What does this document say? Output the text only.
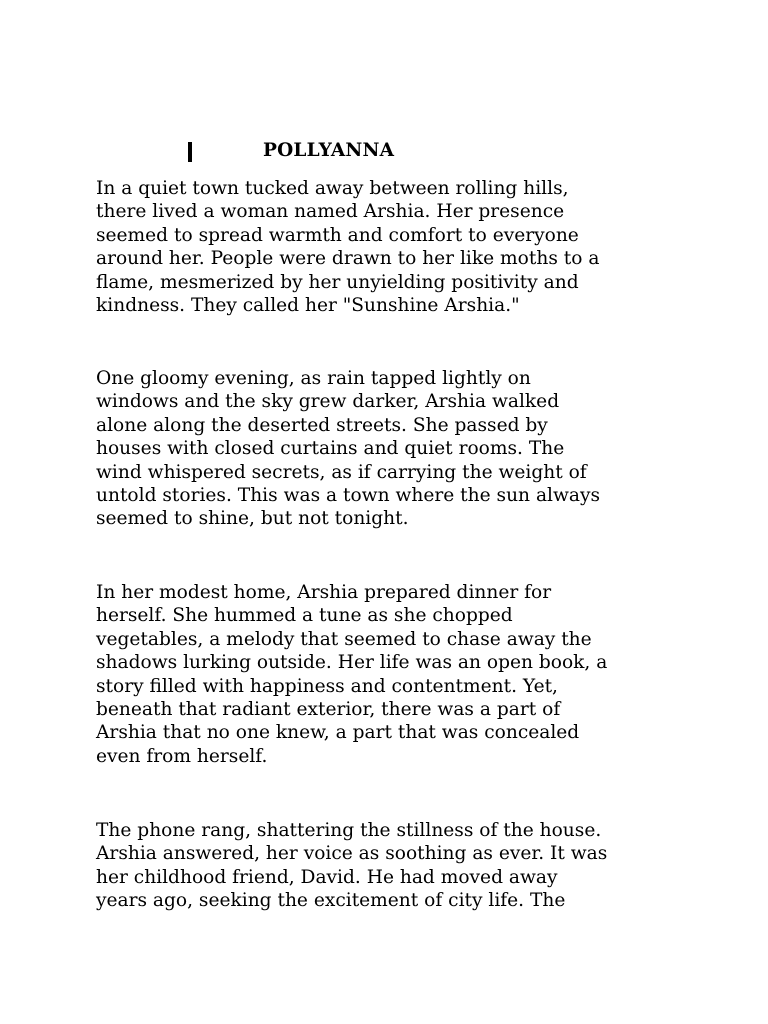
POLLYANNA

In a quiet town tucked away between rolling hills,
there lived a woman named Arshia. Her presence
seemed to spread warmth and comfort to everyone
around her. People were drawn to her like moths to a
flame, mesmerized by her unyielding positivity and
kindness. They called her "Sunshine Arshia."

One gloomy evening, as rain tapped lightly on
windows and the sky grew darker, Arshia walked
alone along the deserted streets. She passed by
houses with closed curtains and quiet rooms. The
wind whispered secrets, as if carrying the weight of
untold stories. This was a town where the sun always
seemed to shine, but not tonight.

In her modest home, Arshia prepared dinner for
herself. She hummed a tune as she chopped
vegetables, a melody that seemed to chase away the
shadows lurking outside. Her life was an open book, a
story filled with happiness and contentment. Yet,
beneath that radiant exterior, there was a part of
Arshia that no one knew, a part that was concealed
even from herself.

The phone rang, shattering the stillness of the house.
Arshia answered, her voice as soothing as ever. It was
her childhood friend, David. He had moved away
years ago, seeking the excitement of city life. The
